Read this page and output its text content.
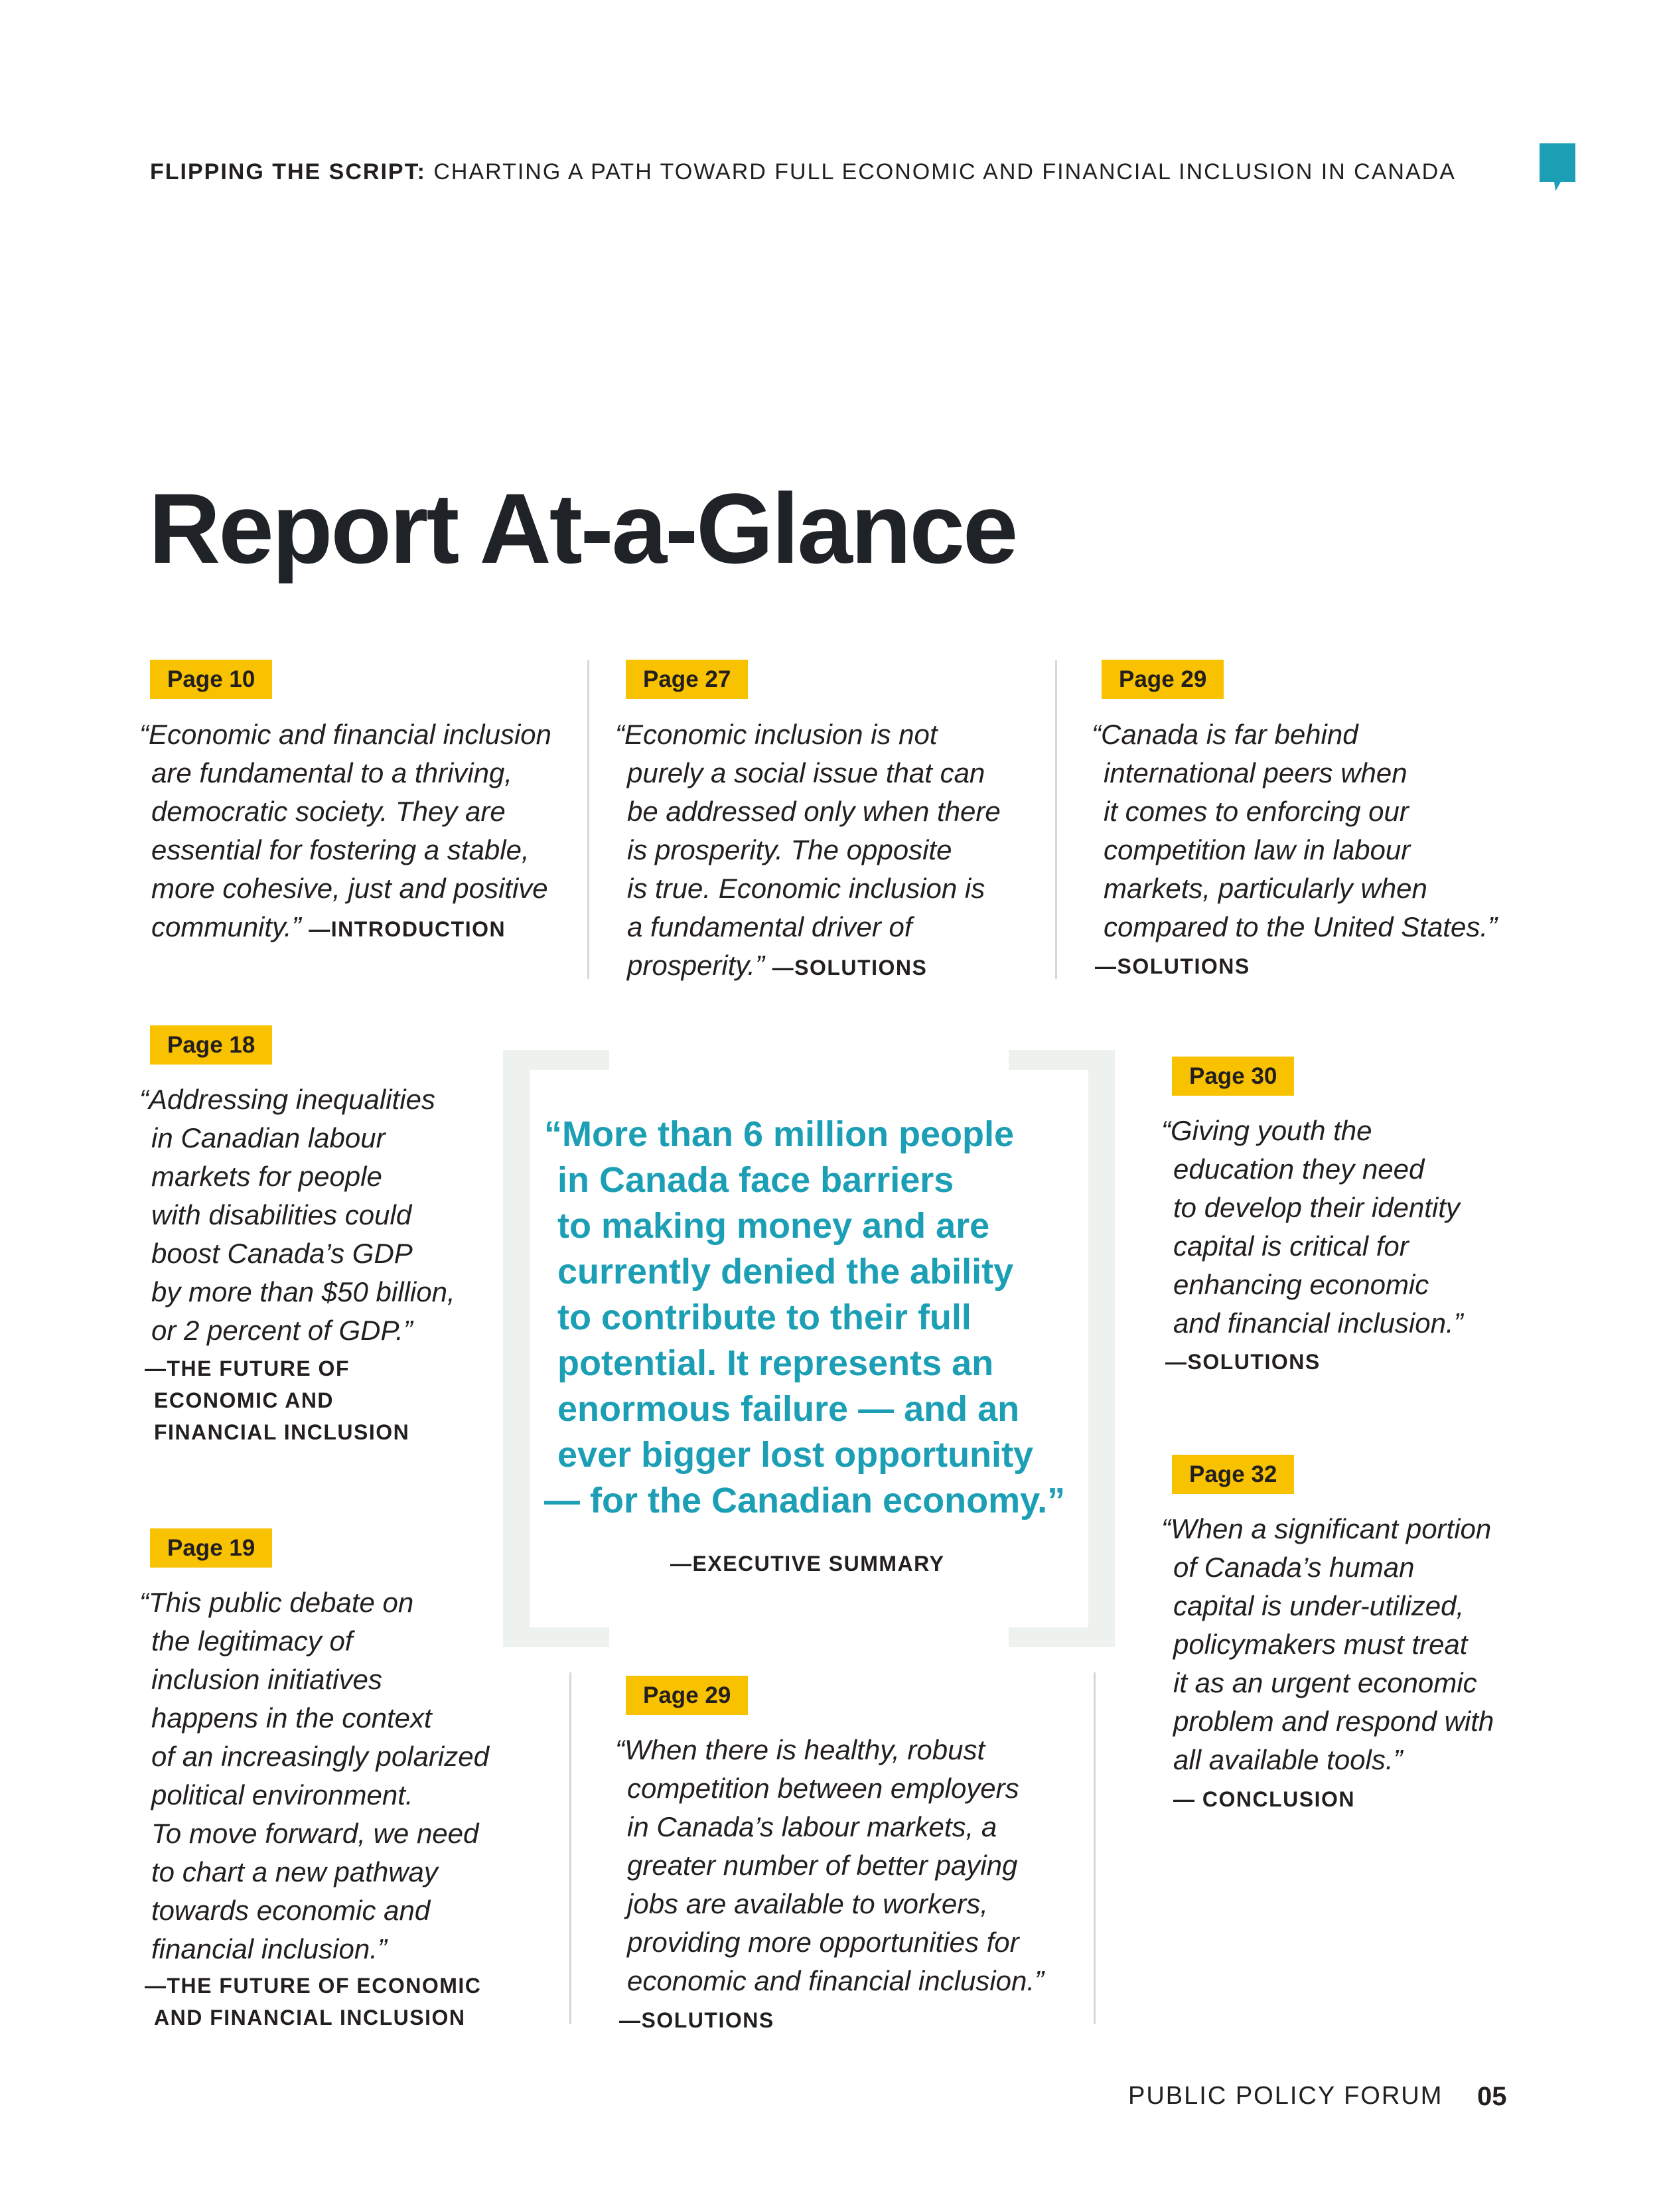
FLIPPING THE SCRIPT: CHARTING A PATH TOWARD FULL ECONOMIC AND FINANCIAL INCLUSION IN CANADA
Report At-a-Glance
Page 10
“Economic and financial inclusion
are fundamental to a thriving,
democratic society. They are
essential for fostering a stable,
more cohesive, just and positive
community.” —INTRODUCTION
Page 27
“Economic inclusion is not
purely a social issue that can
be addressed only when there
is prosperity. The opposite
is true. Economic inclusion is
a fundamental driver of
prosperity.” —SOLUTIONS
Page 29
“Canada is far behind
international peers when
it comes to enforcing our
competition law in labour
markets, particularly when
compared to the United States.”
—SOLUTIONS
Page 18
“Addressing inequalities
in Canadian labour
markets for people
with disabilities could
boost Canada’s GDP
by more than $50 billion,
or 2 percent of GDP.”
—THE FUTURE OF
ECONOMIC AND
FINANCIAL INCLUSION
Page 30
“Giving youth the
education they need
to develop their identity
capital is critical for
enhancing economic
and financial inclusion.”
—SOLUTIONS
Page 32
“When a significant portion
of Canada’s human
capital is under-utilized,
policymakers must treat
it as an urgent economic
problem and respond with
all available tools.”
— CONCLUSION
Page 19
“This public debate on
the legitimacy of
inclusion initiatives
happens in the context
of an increasingly polarized
political environment.
To move forward, we need
to chart a new pathway
towards economic and
financial inclusion.”
—THE FUTURE OF ECONOMIC
AND FINANCIAL INCLUSION
Page 29
“When there is healthy, robust
competition between employers
in Canada’s labour markets, a
greater number of better paying
jobs are available to workers,
providing more opportunities for
economic and financial inclusion.”
—SOLUTIONS
“More than 6 million people
in Canada face barriers
to making money and are
currently denied the ability
to contribute to their full
potential. It represents an
enormous failure — and an
ever bigger lost opportunity
— for the Canadian economy.”
—EXECUTIVE SUMMARY
PUBLIC POLICY FORUM 05
